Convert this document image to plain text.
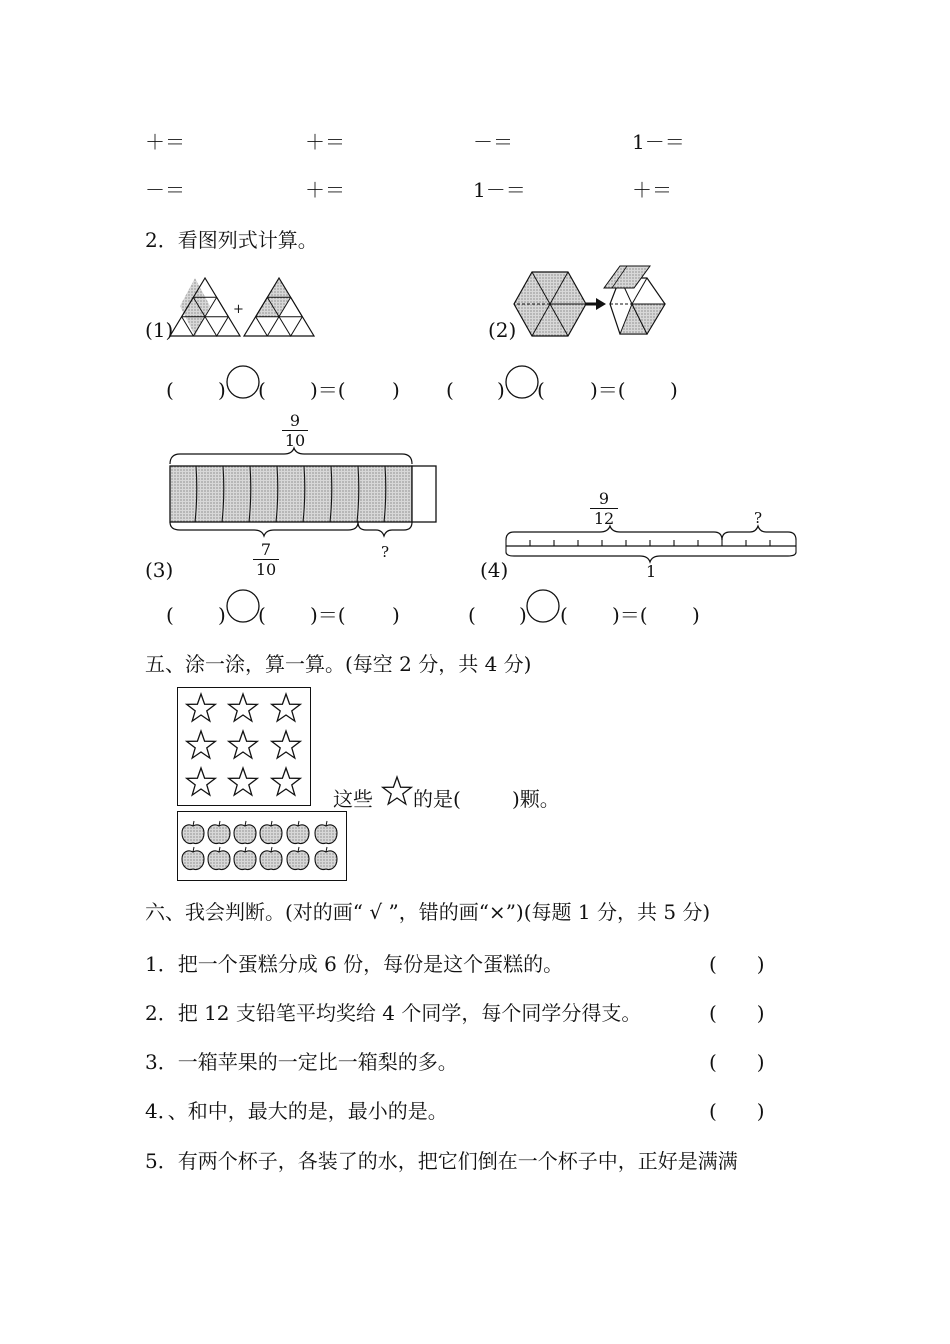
＋＝	＋＝	－＝	1－＝
－＝	＋＝	1－＝	＋＝
2．看图列式计算。
(1)
+
(2)
( ) ( )＝( ) ( ) ( )＝( )
9
10
7
10
?
(3)
9
12	?
1
(4)
( ) ( )＝( )	( ) ( )＝( )
五、涂一涂，算一算。(每空 2 分，共 4 分)
这些 的是(	)颗。
六、我会判断。(对的画“ √ ”，错的画“×”)(每题 1 分，共 5 分)
1．把一个蛋糕分成 6 份，每份是这个蛋糕的。	(　　)
2．把 12 支铅笔平均奖给 4 个同学，每个同学分得支。	(　　)
3．一箱苹果的一定比一箱梨的多。	(　　)
4．、和中，最大的是，最小的是。	(　　)
5．有两个杯子，各装了的水，把它们倒在一个杯子中，正好是满满
